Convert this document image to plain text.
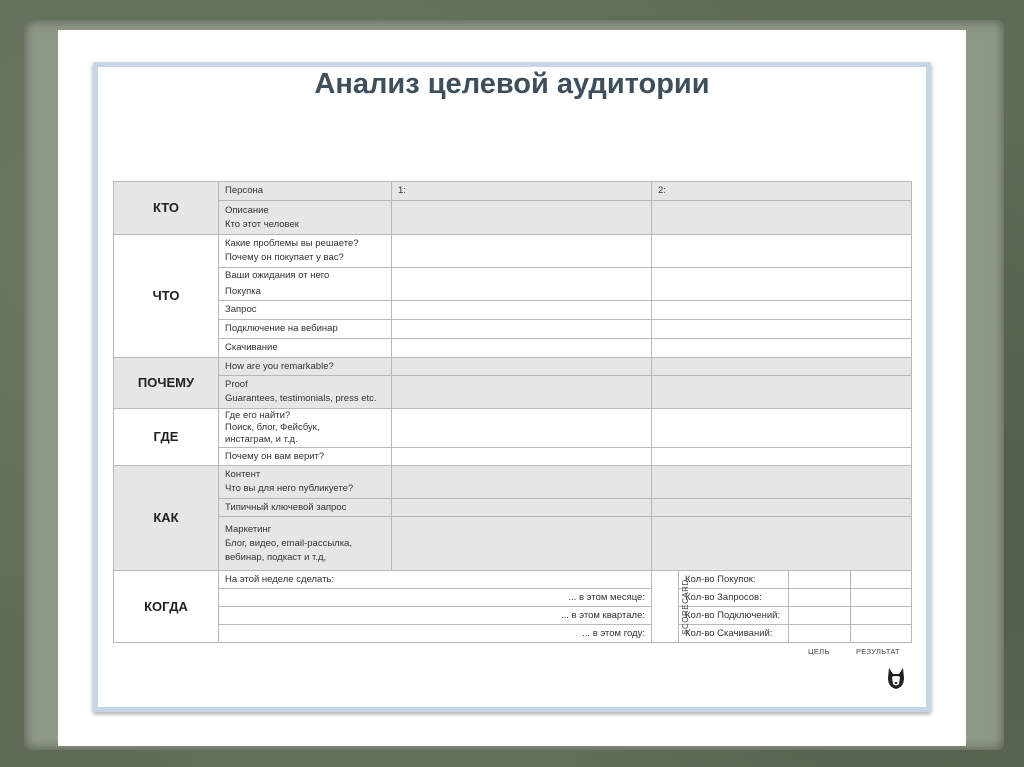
Анализ целевой аудитории
КТО	Персона	1:	2:			
	Описание
Кто этот человек					
ЧТО	Какие проблемы вы решаете?
Почему он покупает у вас?					
	Ваши ожидания от него					
	Покупка					
	Запрос					
	Подключение на вебинар					
	Скачивание					
ПОЧЕМУ	How are you remarkable?					
	Proof
Guarantees, testimonials, press etc.					
ГДЕ	Где его найти?
Поиск, блог, Фейсбук,
инстаграм, и т.д.					
	Почему он вам верит?					
КАК	Контент
Что вы для него публикуете?					
	Типичный ключевой запрос					
	Маркетинг
Блог, видео, email-рассылка,
вебинар, подкаст и т.д,					
КОГДА	На этой неделе сделать:		SCORECARD	Кол-во Покупок:		
	... в этом месяце:			Кол-во Запросов:		
	... в этом квартале:			Кол-во Подключений:		
	... в этом году:			Кол-во Скачиваний:		
ЦЕЛЬ	РЕЗУЛЬТАТ
